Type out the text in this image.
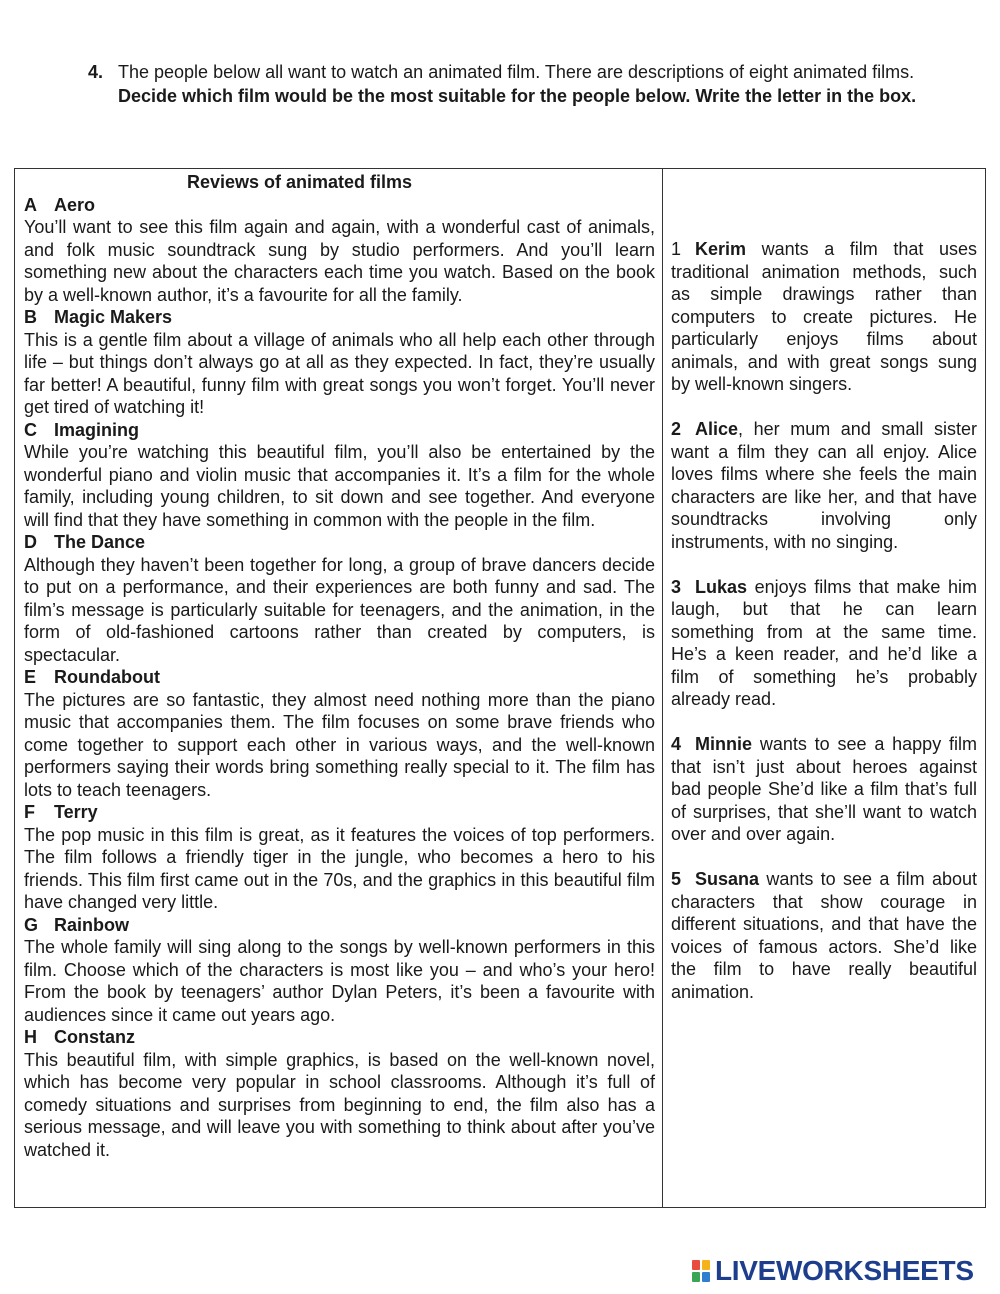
4. The people below all want to watch an animated film. There are descriptions of eight animated films.
Decide which film would be the most suitable for the people below. Write the letter in the box.
Reviews of animated films
A Aero
You’ll want to see this film again and again, with a wonderful cast of animals, and folk music soundtrack sung by studio performers. And you’ll learn something new about the characters each time you watch. Based on the book by a well-known author, it’s a favourite for all the family.
B Magic Makers
This is a gentle film about a village of animals who all help each other through life – but things don’t always go at all as they expected. In fact, they’re usually far better! A beautiful, funny film with great songs you won’t forget. You’ll never get tired of watching it!
C Imagining
While you’re watching this beautiful film, you’ll also be entertained by the wonderful piano and violin music that accompanies it. It’s a film for the whole family, including young children, to sit down and see together. And everyone will find that they have something in common with the people in the film.
D The Dance
Although they haven’t been together for long, a group of brave dancers decide to put on a performance, and their experiences are both funny and sad. The film’s message is particularly suitable for teenagers, and the animation, in the form of old-fashioned cartoons rather than created by computers, is spectacular.
E Roundabout
The pictures are so fantastic, they almost need nothing more than the piano music that accompanies them. The film focuses on some brave friends who come together to support each other in various ways, and the well-known performers saying their words bring something really special to it. The film has lots to teach teenagers.
F Terry
The pop music in this film is great, as it features the voices of top performers. The film follows a friendly tiger in the jungle, who becomes a hero to his friends. This film first came out in the 70s, and the graphics in this beautiful film have changed very little.
G Rainbow
The whole family will sing along to the songs by well-known performers in this film. Choose which of the characters is most like you – and who’s your hero! From the book by teenagers’ author Dylan Peters, it’s been a favourite with audiences since it came out years ago.
H Constanz
This beautiful film, with simple graphics, is based on the well-known novel, which has become very popular in school classrooms. Although it’s full of comedy situations and surprises from beginning to end, the film also has a serious message, and will leave you with something to think about after you’ve watched it.
1 Kerim wants a film that uses traditional animation methods, such as simple drawings rather than computers to create pictures. He particularly enjoys films about animals, and with great songs sung by well-known singers.
2 Alice, her mum and small sister want a film they can all enjoy. Alice loves films where she feels the main characters are like her, and that have soundtracks involving only instruments, with no singing.
3 Lukas enjoys films that make him laugh, but that he can learn something from at the same time. He’s a keen reader, and he’d like a film of something he’s probably already read.
4 Minnie wants to see a happy film that isn’t just about heroes against bad people She’d like a film that’s full of surprises, that she’ll want to watch over and over again.
5 Susana wants to see a film about characters that show courage in different situations, and that have the voices of famous actors. She’d like the film to have really beautiful animation.
LIVEWORKSHEETS
